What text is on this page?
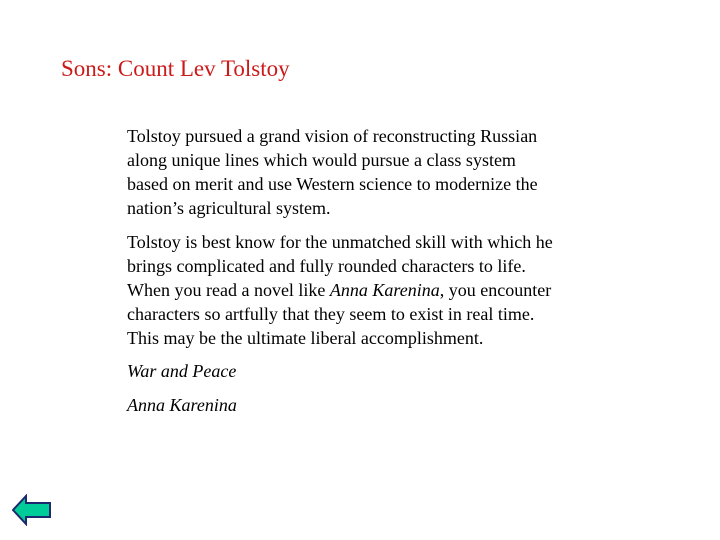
Sons: Count Lev Tolstoy

Tolstoy pursued a grand vision of reconstructing Russian
along unique lines which would pursue a class system
based on merit and use Western science to modernize the
nation’s agricultural system.

Tolstoy is best know for the unmatched skill with which he
brings complicated and fully rounded characters to life.
When you read a novel like Anna Karenina, you encounter
characters so artfully that they seem to exist in real time.
This may be the ultimate liberal accomplishment.

War and Peace

Anna Karenina
